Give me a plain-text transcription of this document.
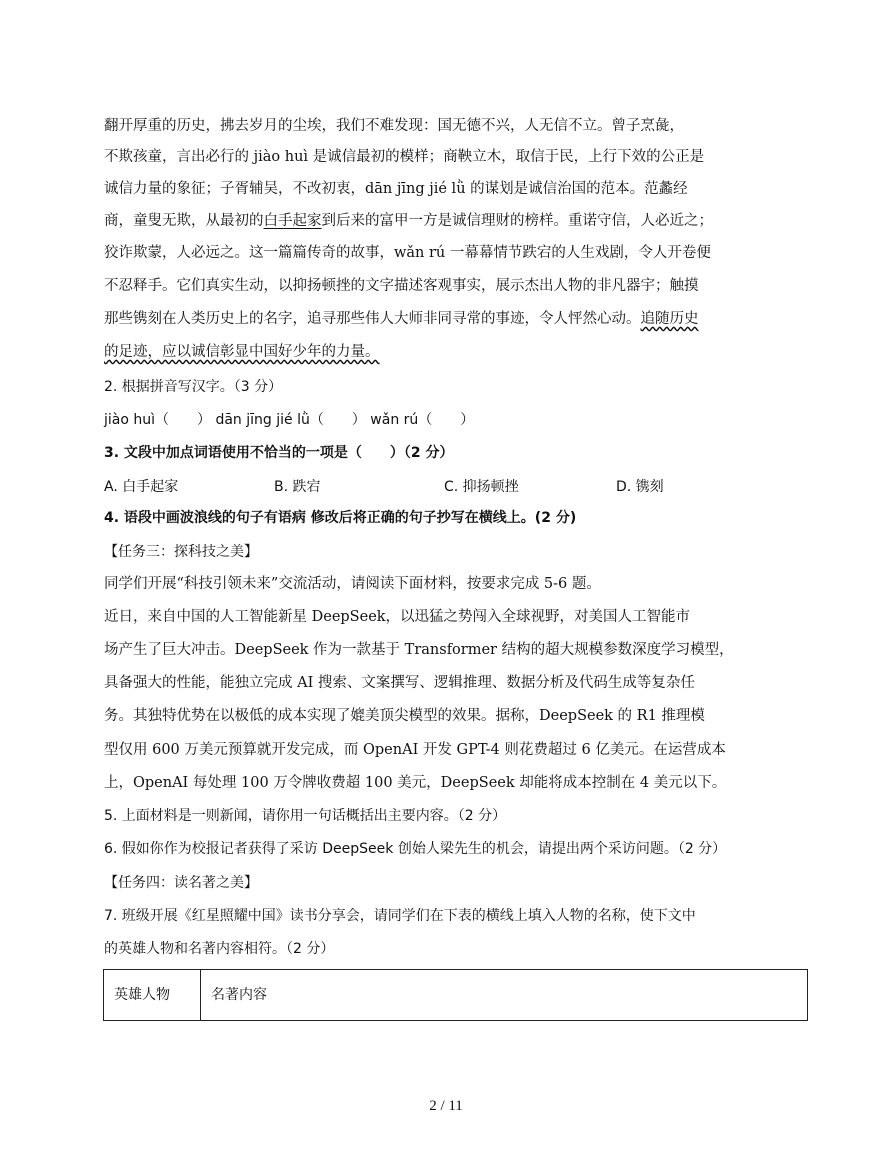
翻开厚重的历史，拂去岁月的尘埃，我们不难发现：国无德不兴，人无信不立。曾子烹彘，
不欺孩童，言出必行的 jiào huì 是诚信最初的模样；商鞅立木，取信于民，上行下效的公正是
诚信力量的象征；子胥辅吴，不改初衷，dān jīng jié lǜ 的谋划是诚信治国的范本。范蠡经
商，童叟无欺，从最初的白手起家到后来的富甲一方是诚信理财的榜样。重诺守信，人必近之；
狡诈欺蒙，人必远之。这一篇篇传奇的故事，wǎn rú 一幕幕情节跌宕的人生戏剧，令人开卷便
不忍释手。它们真实生动，以抑扬顿挫的文字描述客观事实，展示杰出人物的非凡器宇；触摸
那些镌刻在人类历史上的名字，追寻那些伟人大师非同寻常的事迹，令人怦然心动。追随历史
的足迹，应以诚信彰显中国好少年的力量。
2. 根据拼音写汉字。（3 分）
jiào huì（　　） dān jīng jié lǜ（　　） wǎn rú（　　）
3. 文段中加点词语使用不恰当的一项是（　　）（2 分）
A. 白手起家	B. 跌宕	C. 抑扬顿挫	D. 镌刻
4. 语段中画波浪线的句子有语病 修改后将正确的句子抄写在横线上。(2 分)
【任务三：探科技之美】
同学们开展“科技引领未来”交流活动，请阅读下面材料，按要求完成 5-6 题。
近日，来自中国的人工智能新星 DeepSeek，以迅猛之势闯入全球视野，对美国人工智能市
场产生了巨大冲击。DeepSeek 作为一款基于 Transformer 结构的超大规模参数深度学习模型，
具备强大的性能，能独立完成 AI 搜索、文案撰写、逻辑推理、数据分析及代码生成等复杂任
务。其独特优势在以极低的成本实现了媲美顶尖模型的效果。据称，DeepSeek 的 R1 推理模
型仅用 600 万美元预算就开发完成，而 OpenAI 开发 GPT-4 则花费超过 6 亿美元。在运营成本
上，OpenAI 每处理 100 万令牌收费超 100 美元，DeepSeek 却能将成本控制在 4 美元以下。
5. 上面材料是一则新闻，请你用一句话概括出主要内容。（2 分）
6. 假如你作为校报记者获得了采访 DeepSeek 创始人梁先生的机会，请提出两个采访问题。（2 分）
【任务四：读名著之美】
7. 班级开展《红星照耀中国》读书分享会，请同学们在下表的横线上填入人物的名称，使下文中
的英雄人物和名著内容相符。（2 分）
英雄人物	名著内容
2 / 11
